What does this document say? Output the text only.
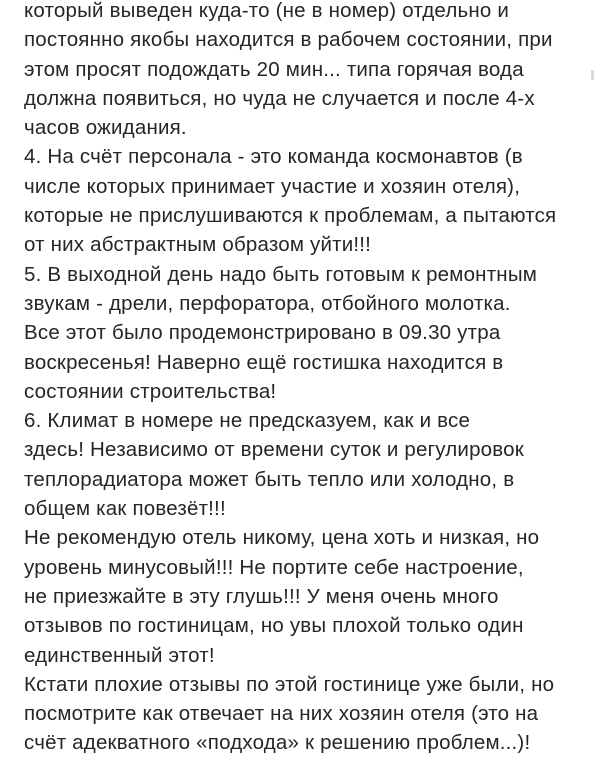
который выведен куда-то (не в номер) отдельно и
постоянно якобы находится в рабочем состоянии, при
этом просят подождать 20 мин... типа горячая вода
должна появиться, но чуда не случается и после 4-х
часов ожидания.

4. На счёт персонала - это команда космонавтов (в
числе которых принимает участие и хозяин отеля),
которые не прислушиваются к проблемам, а пытаются
от них абстрактным образом уйти!!!

5. В выходной день надо быть готовым к ремонтным
звукам - дрели, перфоратора, отбойного молотка.
Все этот было продемонстрировано в 09.30 утра
воскресенья! Наверно ещё гостишка находится в
состоянии строительства!

6. Климат в номере не предсказуем, как и все
здесь! Независимо от времени суток и регулировок
теплорадиатора может быть тепло или холодно, в
общем как повезёт!!!

Не рекомендую отель никому, цена хоть и низкая, но
уровень минусовый!!! Не портите себе настроение,
не приезжайте в эту глушь!!! У меня очень много
отзывов по гостиницам, но увы плохой только один
единственный этот!

Кстати плохие отзывы по этой гостинице уже были, но
посмотрите как отвечает на них хозяин отеля (это на
счёт адекватного «подхода» к решению проблем...)!
